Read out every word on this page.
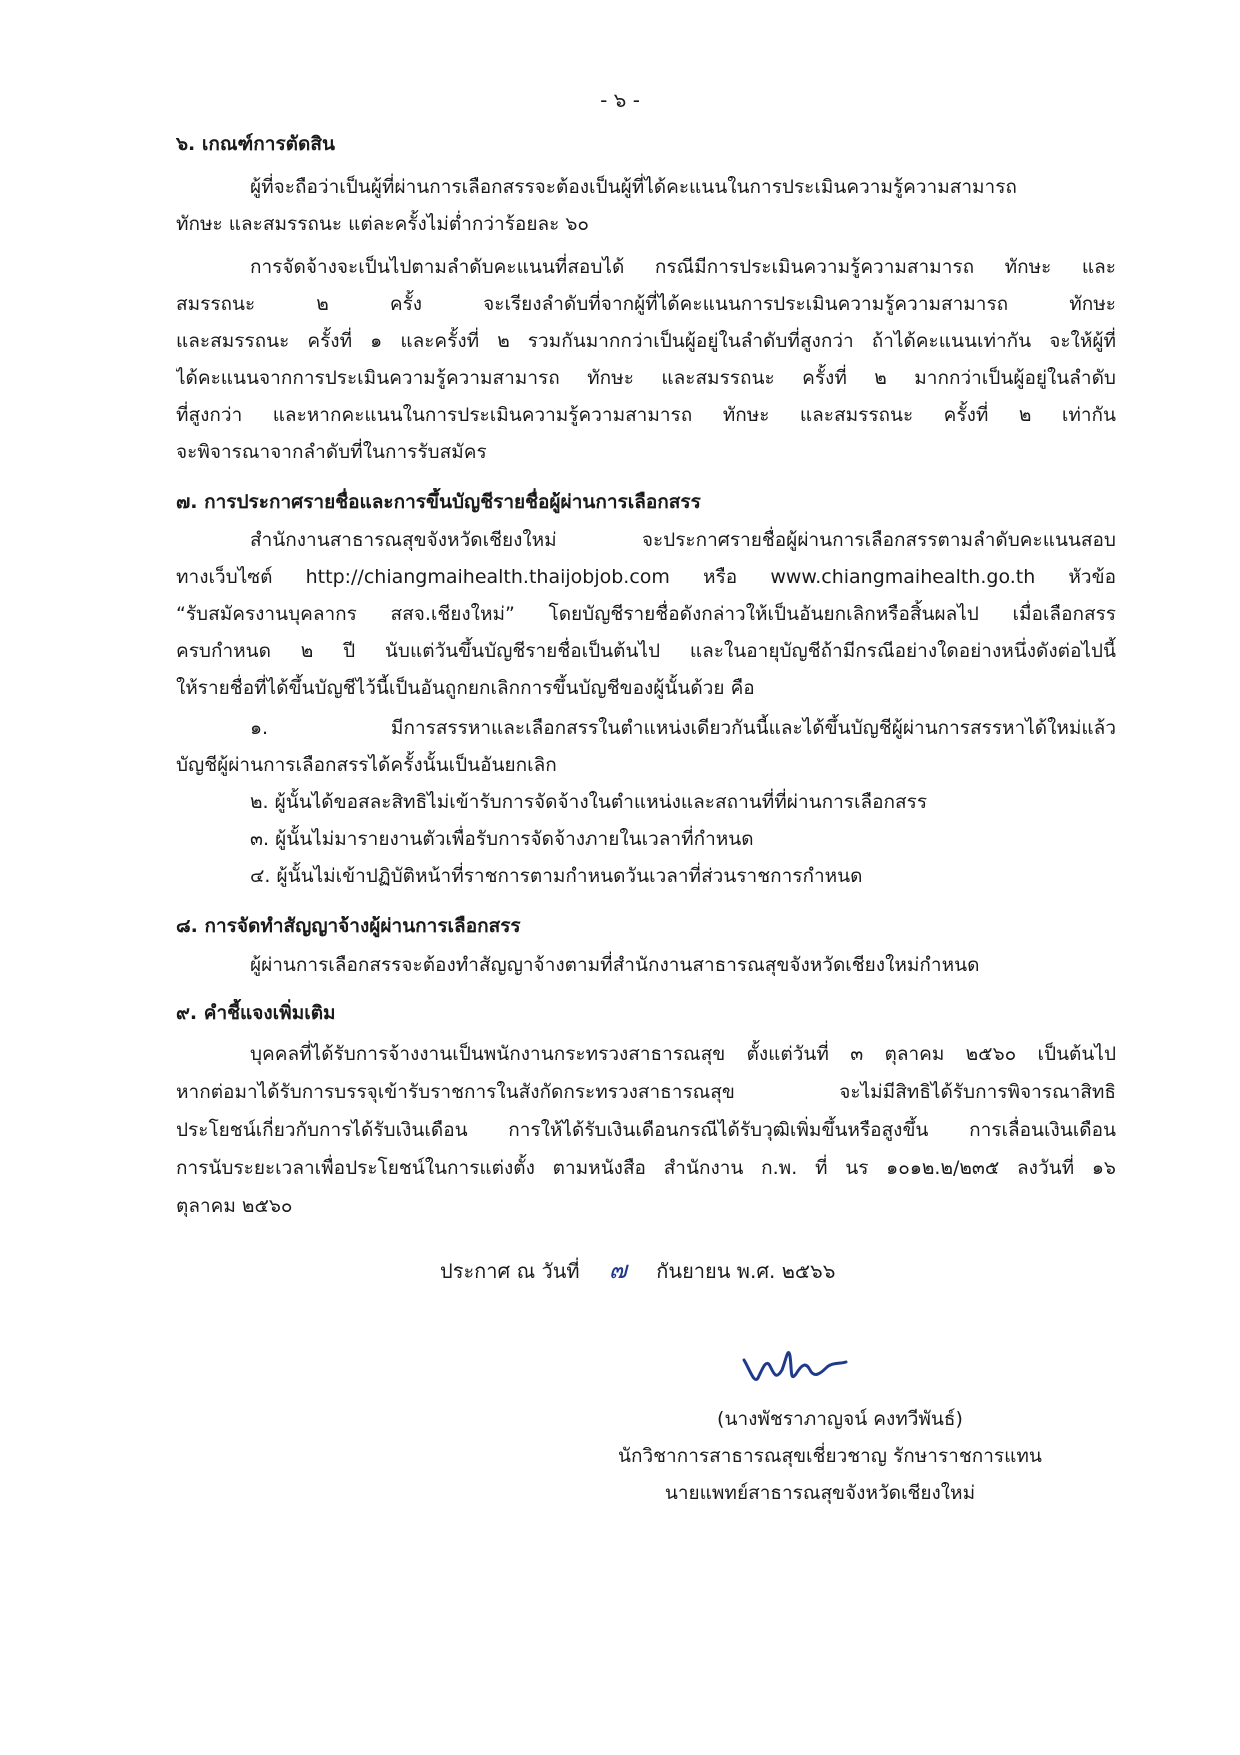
- ๖ -
๖. เกณฑ์การตัดสิน
ผู้ที่จะถือว่าเป็นผู้ที่ผ่านการเลือกสรรจะต้องเป็นผู้ที่ได้คะแนนในการประเมินความรู้ความสามารถ
ทักษะ และสมรรถนะ แต่ละครั้งไม่ต่ำกว่าร้อยละ ๖๐
การจัดจ้างจะเป็นไปตามลำดับคะแนนที่สอบได้ กรณีมีการประเมินความรู้ความสามารถ ทักษะ และ
สมรรถนะ ๒ ครั้ง จะเรียงลำดับที่จากผู้ที่ได้คะแนนการประเมินความรู้ความสามารถ ทักษะ
และสมรรถนะ ครั้งที่ ๑ และครั้งที่ ๒ รวมกันมากกว่าเป็นผู้อยู่ในลำดับที่สูงกว่า ถ้าได้คะแนนเท่ากัน จะให้ผู้ที่
ได้คะแนนจากการประเมินความรู้ความสามารถ ทักษะ และสมรรถนะ ครั้งที่ ๒ มากกว่าเป็นผู้อยู่ในลำดับ
ที่สูงกว่า และหากคะแนนในการประเมินความรู้ความสามารถ ทักษะ และสมรรถนะ ครั้งที่ ๒ เท่ากัน
จะพิจารณาจากลำดับที่ในการรับสมัคร
๗. การประกาศรายชื่อและการขึ้นบัญชีรายชื่อผู้ผ่านการเลือกสรร
สำนักงานสาธารณสุขจังหวัดเชียงใหม่ จะประกาศรายชื่อผู้ผ่านการเลือกสรรตามลำดับคะแนนสอบ
ทางเว็บไซต์ http://chiangmaihealth.thaijobjob.com หรือ www.chiangmaihealth.go.th หัวข้อ
“รับสมัครงานบุคลากร สสจ.เชียงใหม่” โดยบัญชีรายชื่อดังกล่าวให้เป็นอันยกเลิกหรือสิ้นผลไป เมื่อเลือกสรร
ครบกำหนด ๒ ปี นับแต่วันขึ้นบัญชีรายชื่อเป็นต้นไป และในอายุบัญชีถ้ามีกรณีอย่างใดอย่างหนึ่งดังต่อไปนี้
ให้รายชื่อที่ได้ขึ้นบัญชีไว้นี้เป็นอันถูกยกเลิกการขึ้นบัญชีของผู้นั้นด้วย คือ
๑. มีการสรรหาและเลือกสรรในตำแหน่งเดียวกันนี้และได้ขึ้นบัญชีผู้ผ่านการสรรหาได้ใหม่แล้ว
บัญชีผู้ผ่านการเลือกสรรได้ครั้งนั้นเป็นอันยกเลิก
๒. ผู้นั้นได้ขอสละสิทธิไม่เข้ารับการจัดจ้างในตำแหน่งและสถานที่ที่ผ่านการเลือกสรร
๓. ผู้นั้นไม่มารายงานตัวเพื่อรับการจัดจ้างภายในเวลาที่กำหนด
๔. ผู้นั้นไม่เข้าปฏิบัติหน้าที่ราชการตามกำหนดวันเวลาที่ส่วนราชการกำหนด
๘. การจัดทำสัญญาจ้างผู้ผ่านการเลือกสรร
ผู้ผ่านการเลือกสรรจะต้องทำสัญญาจ้างตามที่สำนักงานสาธารณสุขจังหวัดเชียงใหม่กำหนด
๙. คำชี้แจงเพิ่มเติม
บุคคลที่ได้รับการจ้างงานเป็นพนักงานกระทรวงสาธารณสุข ตั้งแต่วันที่ ๓ ตุลาคม ๒๕๖๐ เป็นต้นไป
หากต่อมาได้รับการบรรจุเข้ารับราชการในสังกัดกระทรวงสาธารณสุข จะไม่มีสิทธิได้รับการพิจารณาสิทธิ
ประโยชน์เกี่ยวกับการได้รับเงินเดือน การให้ได้รับเงินเดือนกรณีได้รับวุฒิเพิ่มขึ้นหรือสูงขึ้น การเลื่อนเงินเดือน
การนับระยะเวลาเพื่อประโยชน์ในการแต่งตั้ง ตามหนังสือ สำนักงาน ก.พ. ที่ นร ๑๐๑๒.๒/๒๓๕ ลงวันที่ ๑๖
ตุลาคม ๒๕๖๐
ประกาศ ณ วันที่ ๗ กันยายน พ.ศ. ๒๕๖๖
(นางพัชราภาญจน์ คงทวีพันธ์)
นักวิชาการสาธารณสุขเชี่ยวชาญ รักษาราชการแทน
นายแพทย์สาธารณสุขจังหวัดเชียงใหม่
